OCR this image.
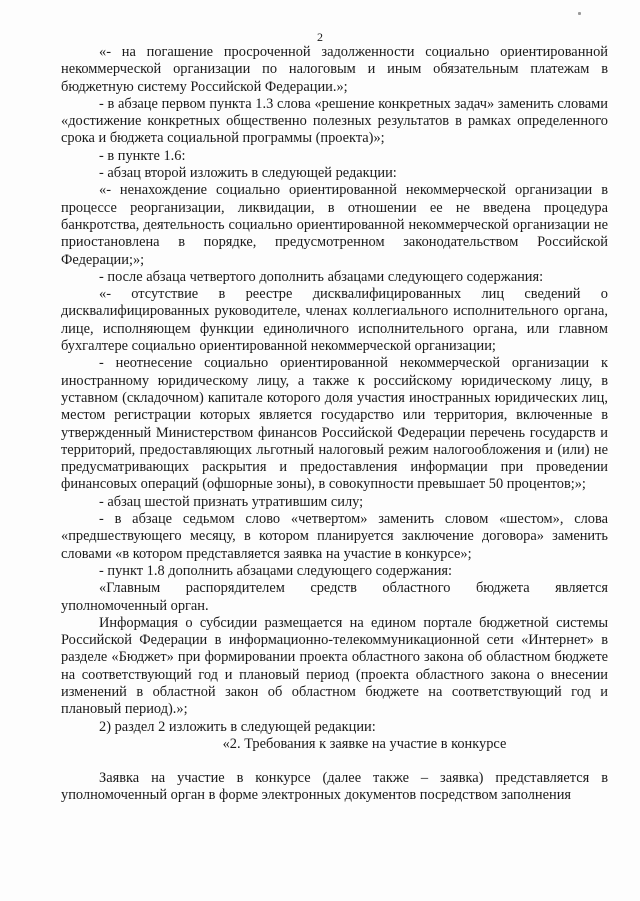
2

«- на погашение просроченной задолженности социально ориентированной некоммерческой организации по налоговым и иным обязательным платежам в бюджетную систему Российской Федерации.»;

- в абзаце первом пункта 1.3 слова «решение конкретных задач» заменить словами «достижение конкретных общественно полезных результатов в рамках определенного срока и бюджета социальной программы (проекта)»;

- в пункте 1.6:

- абзац второй изложить в следующей редакции:

«- ненахождение социально ориентированной некоммерческой организации в процессе реорганизации, ликвидации, в отношении ее не введена процедура банкротства, деятельность социально ориентированной некоммерческой организации не приостановлена в порядке, предусмотренном законодательством Российской Федерации;»;

- после абзаца четвертого дополнить абзацами следующего содержания:

«- отсутствие в реестре дисквалифицированных лиц сведений о дисквалифицированных руководителе, членах коллегиального исполнительного органа, лице, исполняющем функции единоличного исполнительного органа, или главном бухгалтере социально ориентированной некоммерческой организации;

- неотнесение социально ориентированной некоммерческой организации к иностранному юридическому лицу, а также к российскому юридическому лицу, в уставном (складочном) капитале которого доля участия иностранных юридических лиц, местом регистрации которых является государство или территория, включенные в утвержденный Министерством финансов Российской Федерации перечень государств и территорий, предоставляющих льготный налоговый режим налогообложения и (или) не предусматривающих раскрытия и предоставления информации при проведении финансовых операций (офшорные зоны), в совокупности превышает 50 процентов;»;

- абзац шестой признать утратившим силу;

- в абзаце седьмом слово «четвертом» заменить словом «шестом», слова «предшествующего месяцу, в котором планируется заключение договора» заменить словами «в котором представляется заявка на участие в конкурсе»;

- пункт 1.8 дополнить абзацами следующего содержания:

«Главным распорядителем средств областного бюджета является уполномоченный орган.

Информация о субсидии размещается на едином портале бюджетной системы Российской Федерации в информационно-телекоммуникационной сети «Интернет» в разделе «Бюджет» при формировании проекта областного закона об областном бюджете на соответствующий год и плановый период (проекта областного закона о внесении изменений в областной закон об областном бюджете на соответствующий год и плановый период).»;

2) раздел 2 изложить в следующей редакции:

«2. Требования к заявке на участие в конкурсе

Заявка на участие в конкурсе (далее также – заявка) представляется в уполномоченный орган в форме электронных документов посредством заполнения
